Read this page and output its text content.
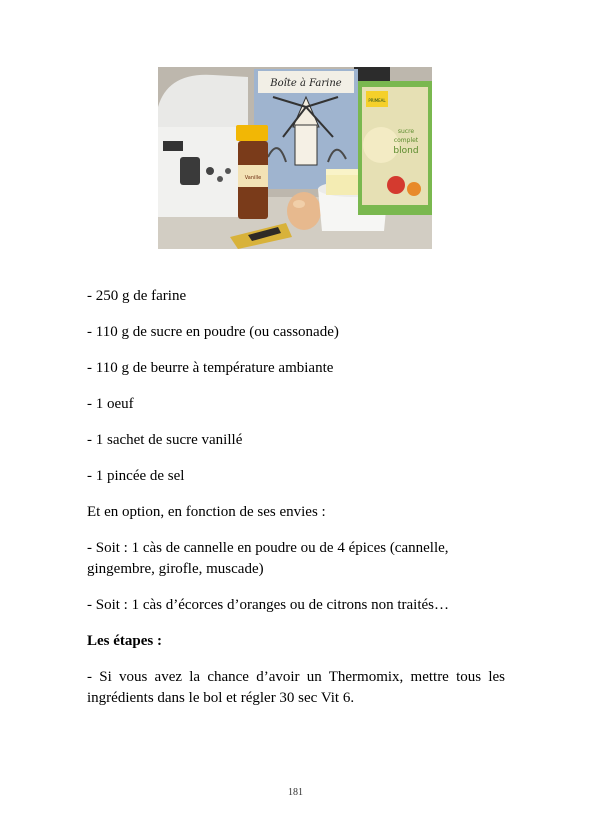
Boîte à Farine
Vanille
PRIMEAL
sucre
complet
blond

- 250 g de farine

- 110 g de sucre en poudre (ou cassonade)

- 110 g de beurre à température ambiante

- 1 oeuf

- 1 sachet de sucre vanillé

- 1 pincée de sel

Et en option, en fonction de ses envies :

- Soit : 1 càs de cannelle en poudre ou de 4 épices (cannelle, gingembre, girofle, muscade)

- Soit : 1 càs d’écorces d’oranges ou de citrons non traités…

Les étapes :

- Si vous avez la chance d’avoir un Thermomix, mettre tous les ingrédients dans le bol et régler 30 sec Vit 6.

181
